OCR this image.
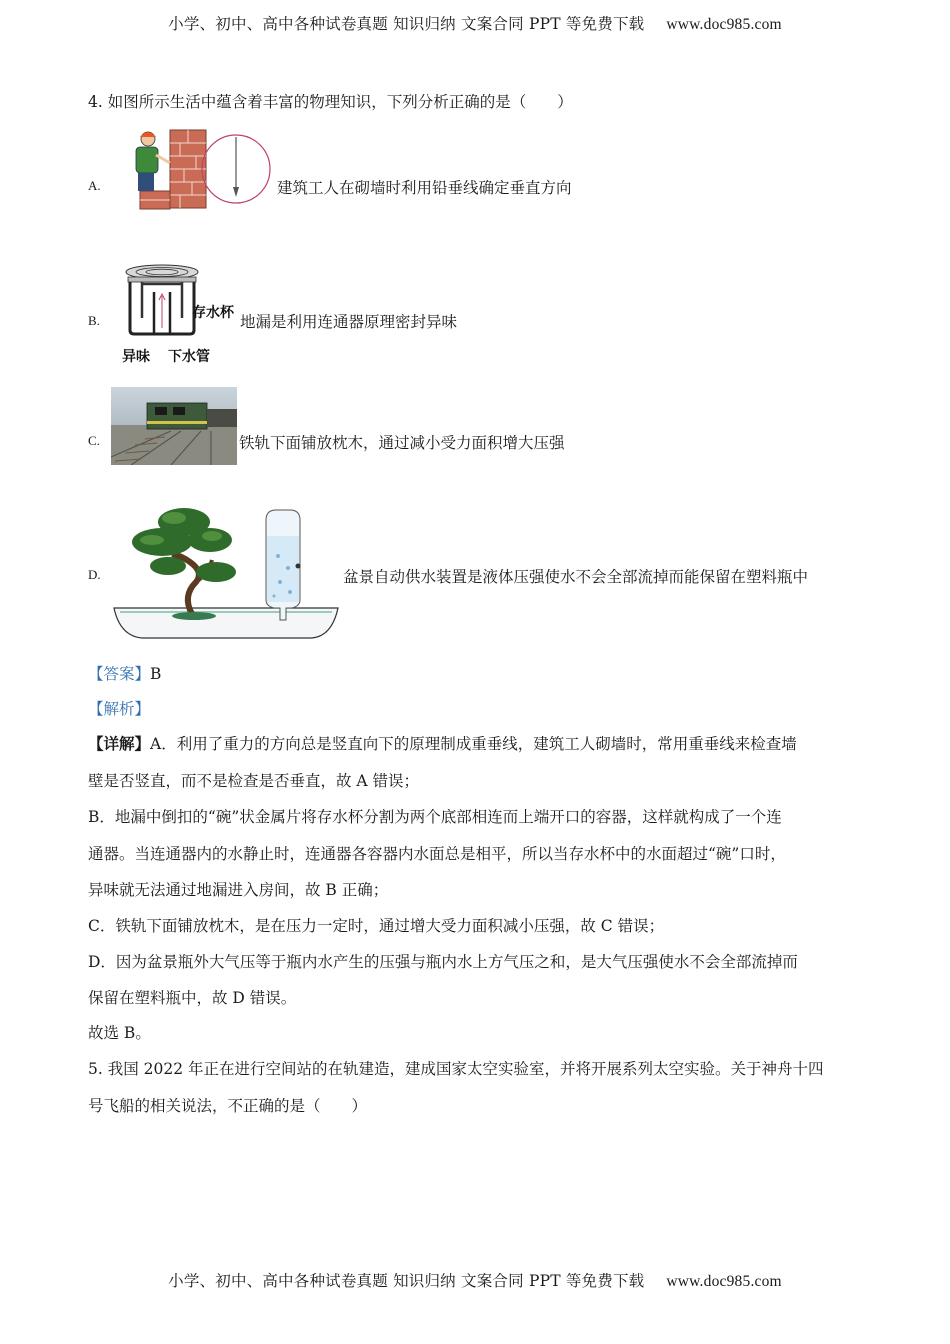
小学、初中、高中各种试卷真题 知识归纳 文案合同 PPT 等免费下载 www.doc985.com
4. 如图所示生活中蕴含着丰富的物理知识，下列分析正确的是（　　）
A.	建筑工人在砌墙时利用铅垂线确定垂直方向
B.	存水杯
异味 下水管
地漏是利用连通器原理密封异味
C.	铁轨下面铺放枕木，通过减小受力面积增大压强
D.	盆景自动供水装置是液体压强使水不会全部流掉而能保留在塑料瓶中
【答案】B
【解析】
【详解】A．利用了重力的方向总是竖直向下的原理制成重垂线，建筑工人砌墙时，常用重垂线来检查墙
壁是否竖直，而不是检查是否垂直，故 A 错误；
B．地漏中倒扣的“碗”状金属片将存水杯分割为两个底部相连而上端开口的容器，这样就构成了一个连
通器。当连通器内的水静止时，连通器各容器内水面总是相平，所以当存水杯中的水面超过“碗”口时，
异味就无法通过地漏进入房间，故 B 正确；
C．铁轨下面铺放枕木，是在压力一定时，通过增大受力面积减小压强，故 C 错误；
D．因为盆景瓶外大气压等于瓶内水产生的压强与瓶内水上方气压之和，是大气压强使水不会全部流掉而
保留在塑料瓶中，故 D 错误。
故选 B。
5. 我国 2022 年正在进行空间站的在轨建造，建成国家太空实验室，并将开展系列太空实验。关于神舟十四
号飞船的相关说法，不正确的是（　　）
小学、初中、高中各种试卷真题 知识归纳 文案合同 PPT 等免费下载 www.doc985.com
